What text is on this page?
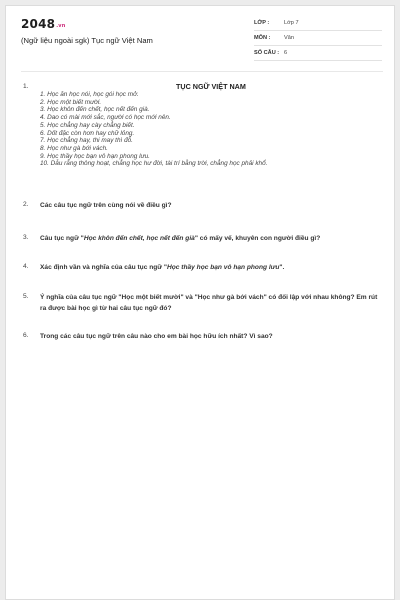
2048.vn
(Ngữ liệu ngoài sgk) Tục ngữ Việt Nam
LỚP :	Lớp 7
MÔN : Văn
SỐ CÂU : 6
1.	TỤC NGỮ VIỆT NAM
1. Học ăn học nói, học gói học mở.
2. Học một biết mười.
3. Học khôn đến chết, học nết đến già.
4. Dao có mài mới sắc, người có học mới nên.
5. Học chẳng hay cày chẳng biết.
6. Dốt đặc còn hơn hay chữ lỏng.
7. Học chẳng hay, thi may thì đỗ.
8. Học như gà bới vách.
9. Học thầy học bạn vô hạn phong lưu.
10. Dẫu rằng thông hoạt, chẳng học hư đời, tài trí bằng trời, chẳng học phải khổ.
2. Các câu tục ngữ trên cùng nói về điều gì?
3. Câu tục ngữ "Học khôn đến chết, học nết đến già" có mấy vế, khuyên con người điều gì?
4. Xác định vần và nghĩa của câu tục ngữ "Học thầy học bạn vô hạn phong lưu".
5. Ý nghĩa của câu tục ngữ "Học một biết mười" và "Học như gà bới vách" có đối lập với nhau không? Em rút ra được bài học gì từ hai câu tục ngữ đó?
6. Trong các câu tục ngữ trên câu nào cho em bài học hữu ích nhất? Vì sao?
